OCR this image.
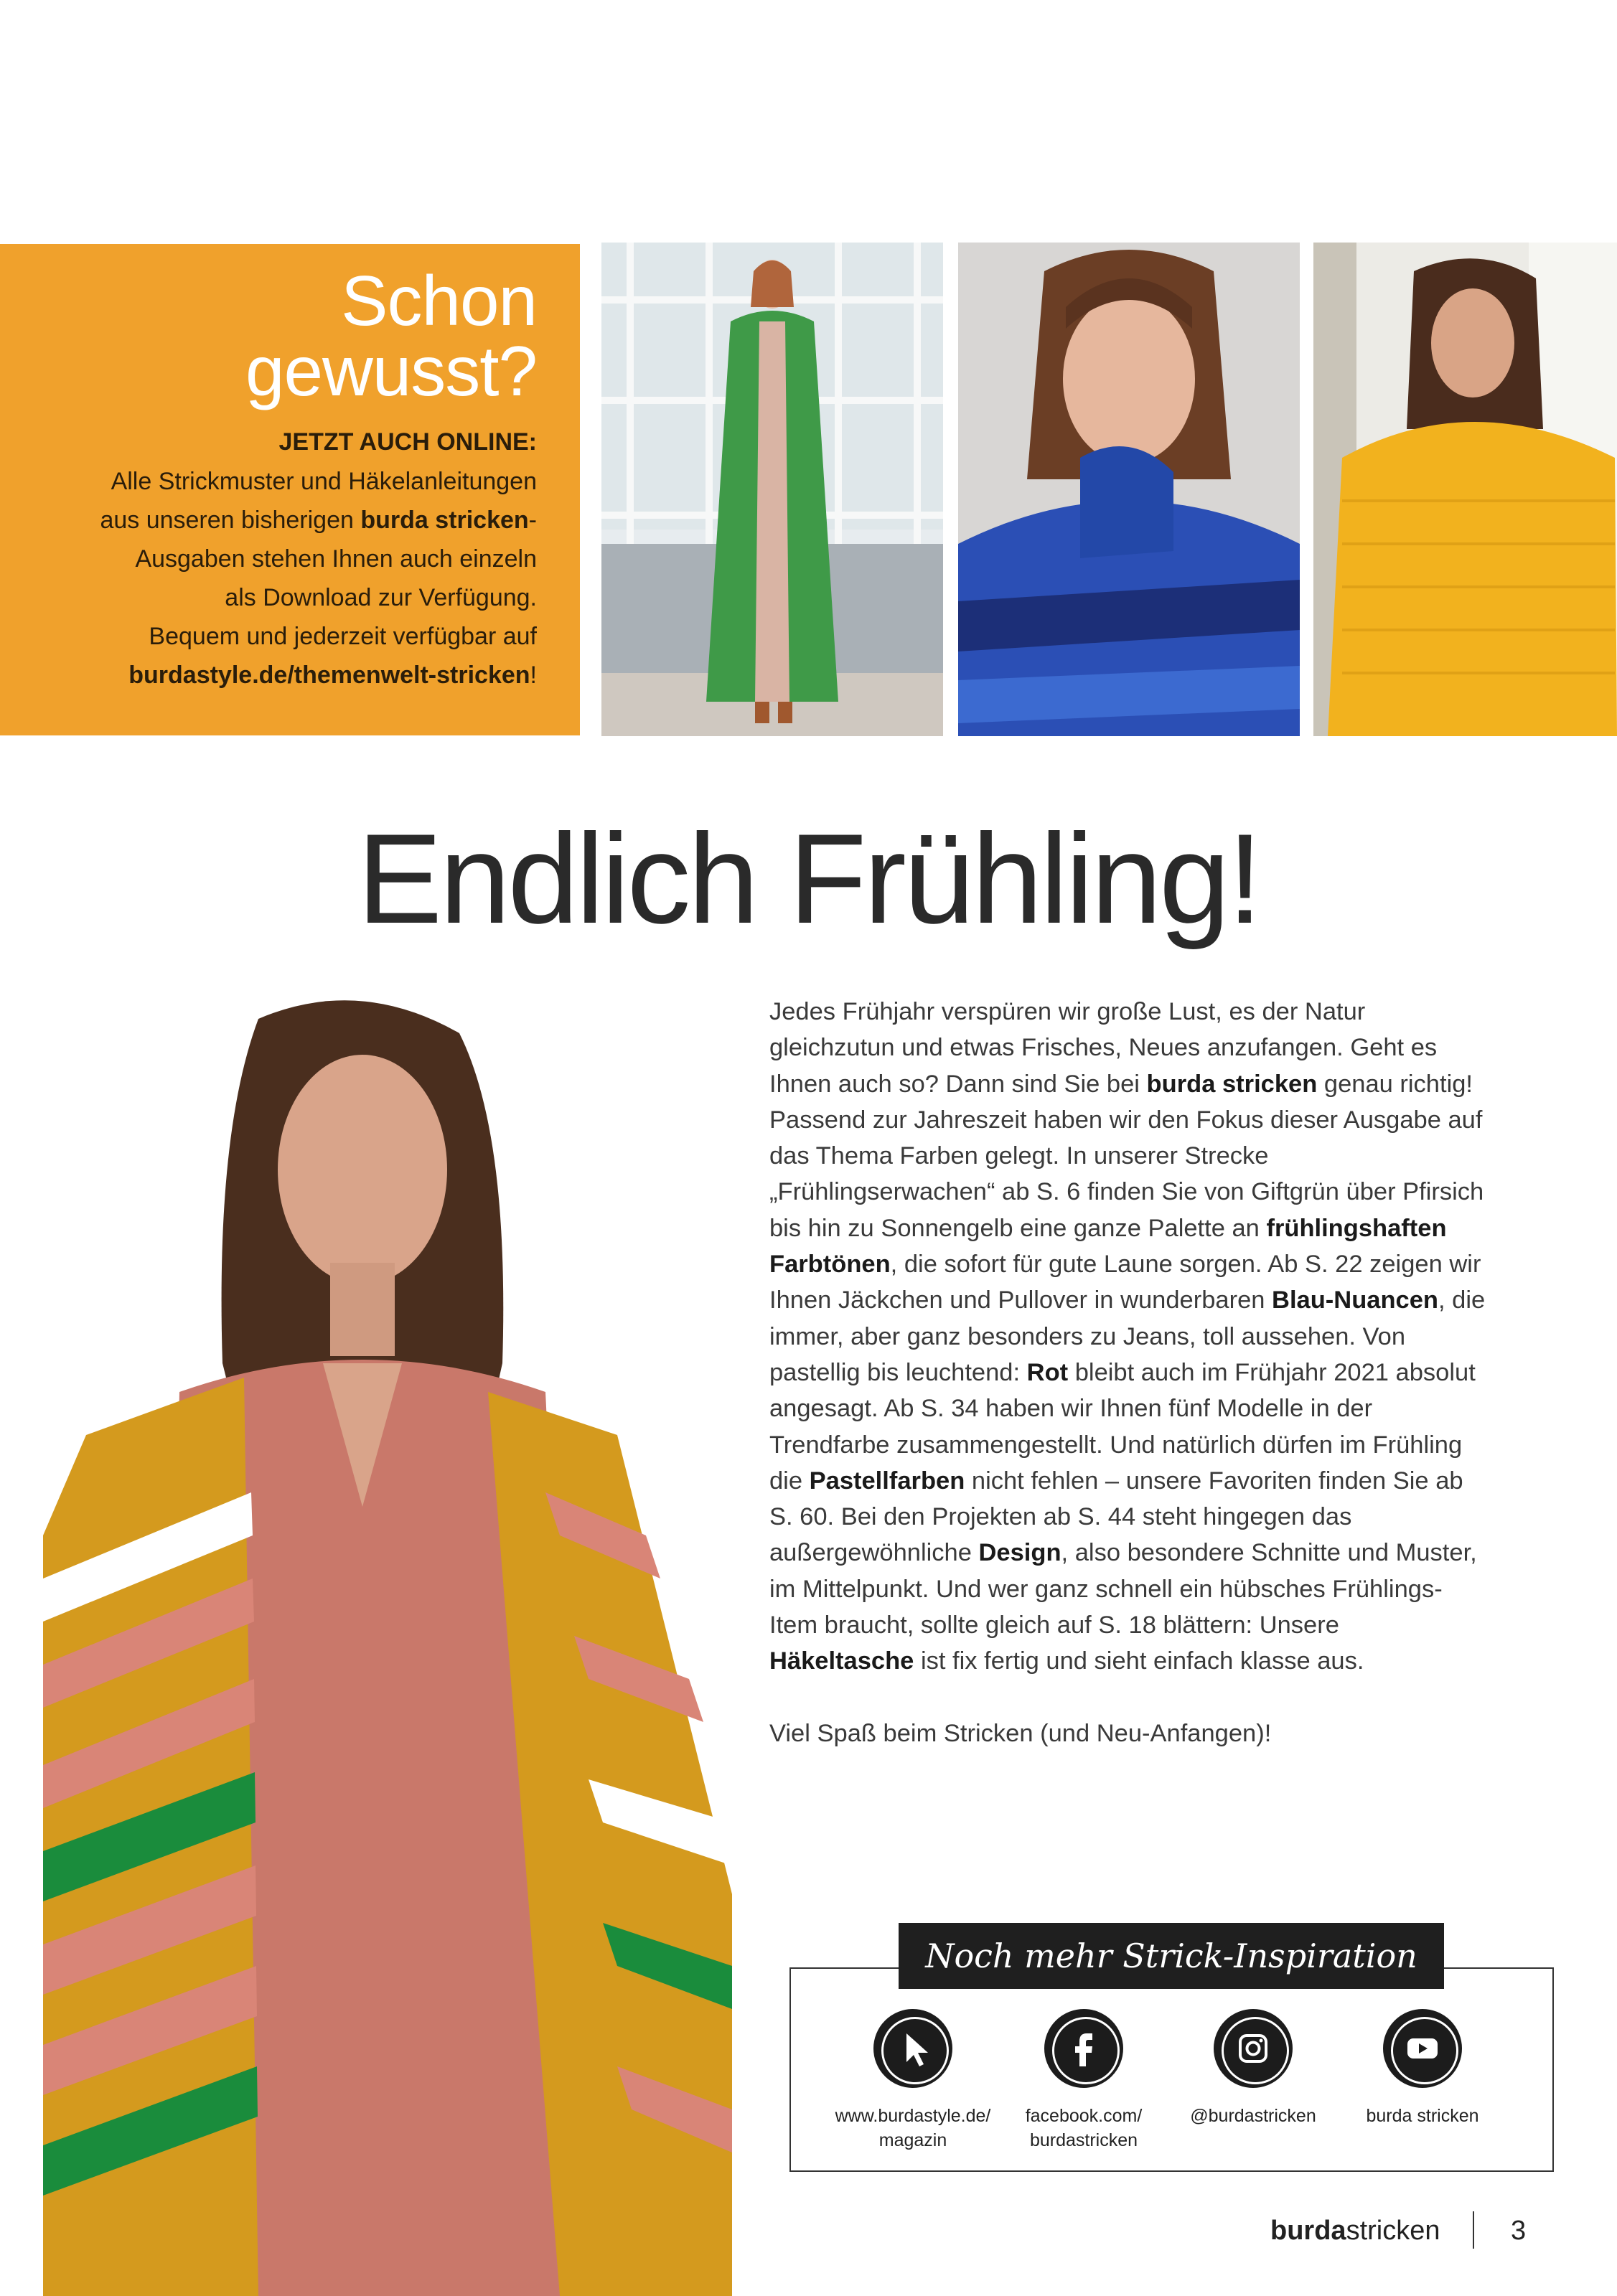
Schon
gewusst?
JETZT AUCH ONLINE:
Alle Strickmuster und Häkelanleitungen
aus unseren bisherigen burda stricken-
Ausgaben stehen Ihnen auch einzeln
als Download zur Verfügung.
Bequem und jederzeit verfügbar auf
burdastyle.de/themenwelt-stricken!
Endlich Frühling!

Jedes Frühjahr verspüren wir große Lust, es der Natur gleichzutun und etwas Frisches, Neues anzufangen. Geht es Ihnen auch so? Dann sind Sie bei burda stricken genau richtig!

Passend zur Jahreszeit haben wir den Fokus dieser Ausgabe auf das Thema Farben gelegt. In unserer Strecke „Frühlingserwachen“ ab S. 6 finden Sie von Giftgrün über Pfirsich bis hin zu Sonnengelb eine ganze Palette an frühlingshaften Farbtönen, die sofort für gute Laune sorgen. Ab S. 22 zeigen wir Ihnen Jäckchen und Pullover in wunderbaren Blau-Nuancen, die immer, aber ganz besonders zu Jeans, toll aussehen. Von pastellig bis leuchtend: Rot bleibt auch im Frühjahr 2021 absolut angesagt. Ab S. 34 haben wir Ihnen fünf Modelle in der Trendfarbe zusammengestellt. Und natürlich dürfen im Frühling die Pastellfarben nicht fehlen – unsere Favoriten finden Sie ab S. 60. Bei den Projekten ab S. 44 steht hingegen das außergewöhnliche Design, also besondere Schnitte und Muster, im Mittelpunkt. Und wer ganz schnell ein hübsches Frühlings-Item braucht, sollte gleich auf S. 18 blättern: Unsere Häkeltasche ist fix fertig und sieht einfach klasse aus.

Viel Spaß beim Stricken (und Neu-Anfangen)!

Noch mehr Strick-Inspiration auf:
www.burdastyle.de/
magazin
facebook.com/
burdastricken
@burdastricken	burda stricken
burdastricken	3
